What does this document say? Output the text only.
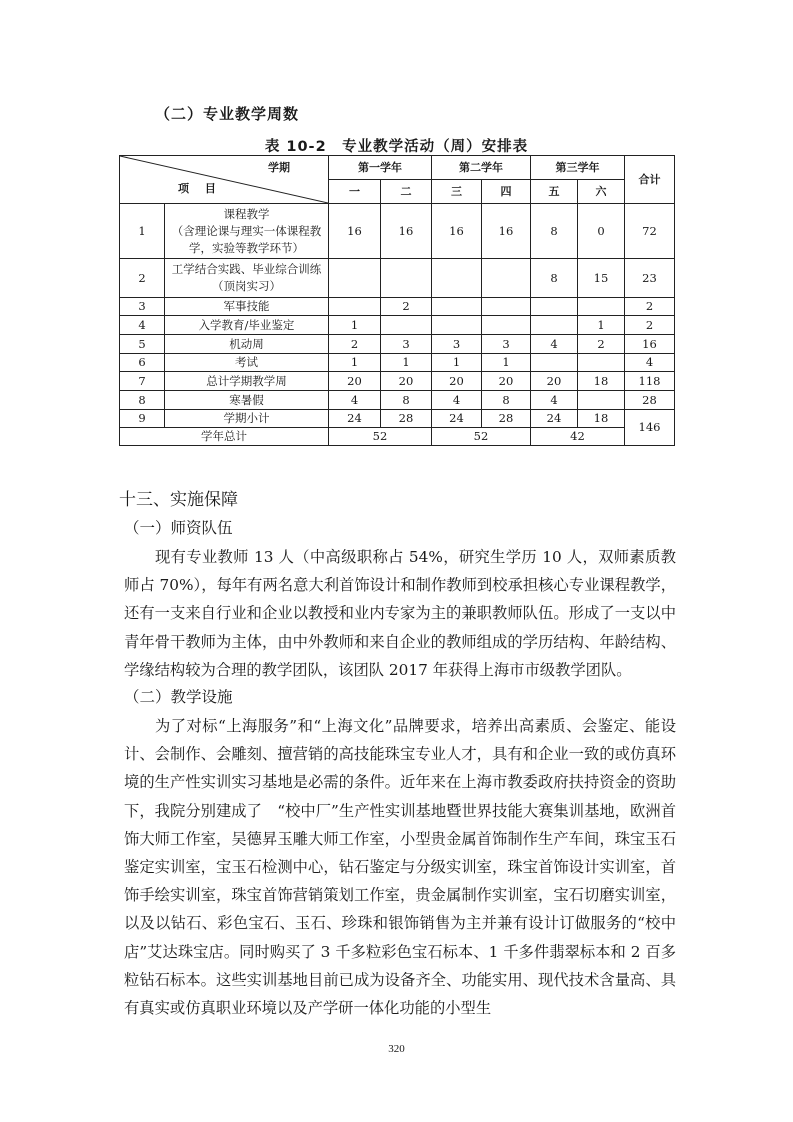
（二）专业教学周数
表 10-2　专业教学活动（周）安排表
学期
项 目		第一学年		第二学年		第三学年		合计
		一	二	三	四	五	六	
1	课程教学
（含理论课与理实一体课程教
学，实验等教学环节）	16	16	16	16	8	0	72
2	工学结合实践、毕业综合训练
（顶岗实习）					8	15	23
3	军事技能		2					2
4	入学教育/毕业鉴定	1					1	2
5	机动周	2	3	3	3	4	2	16
6	考试	1	1	1	1			4
7	总计学期教学周	20	20	20	20	20	18	118
8	寒暑假	4	8	4	8	4		28
9	学期小计	24	28	24	28	24	18	146
学年总计		52		52		42		
十三、实施保障
（一）师资队伍
现有专业教师 13 人（中高级职称占 54%，研究生学历 10 人，双师素质教师占 70%），每年有两名意大利首饰设计和制作教师到校承担核心专业课程教学，还有一支来自行业和企业以教授和业内专家为主的兼职教师队伍。形成了一支以中青年骨干教师为主体，由中外教师和来自企业的教师组成的学历结构、年龄结构、学缘结构较为合理的教学团队，该团队 2017 年获得上海市市级教学团队。
（二）教学设施
为了对标“上海服务”和“上海文化”品牌要求，培养出高素质、会鉴定、能设计、会制作、会雕刻、擅营销的高技能珠宝专业人才，具有和企业一致的或仿真环境的生产性实训实习基地是必需的条件。近年来在上海市教委政府扶持资金的资助下，我院分别建成了　“校中厂”生产性实训基地暨世界技能大赛集训基地，欧洲首饰大师工作室，吴德昇玉雕大师工作室，小型贵金属首饰制作生产车间，珠宝玉石鉴定实训室，宝玉石检测中心，钻石鉴定与分级实训室，珠宝首饰设计实训室，首饰手绘实训室，珠宝首饰营销策划工作室，贵金属制作实训室，宝石切磨实训室，以及以钻石、彩色宝石、玉石、珍珠和银饰销售为主并兼有设计订做服务的“校中店”艾达珠宝店。同时购买了 3 千多粒彩色宝石标本、1 千多件翡翠标本和 2 百多粒钻石标本。这些实训基地目前已成为设备齐全、功能实用、现代技术含量高、具有真实或仿真职业环境以及产学研一体化功能的小型生
320
